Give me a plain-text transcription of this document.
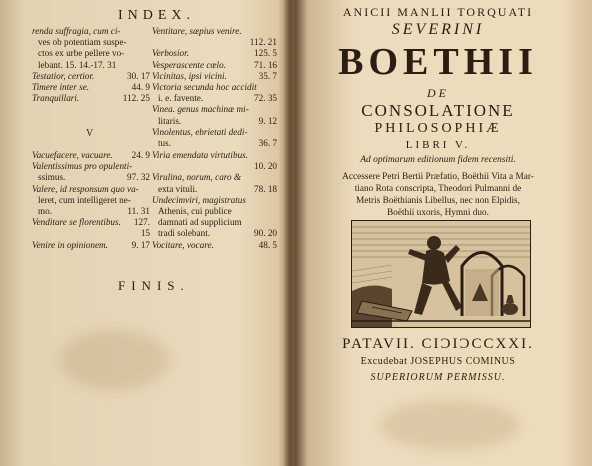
INDEX.
renda suffragia, cum ci-
ves ob potentiam suspe-
ctos ex urbe pellere vo-
lebant. 15. 14.-17. 31
Testatior, certior.	30. 17
Timere inter se.	44. 9
Tranquillari.	112. 25
Ventitare, sæpius venire.
112. 21
Verbosior.	125. 5
Vesperascente cœlo.	71. 16
Vicinitas, ipsi vicini.	35. 7
Victoria secunda hoc accidit
i. e. favente.	72. 35
Vinea. genus machinæ mi-
litaris.	9. 12
Vinolentus, ebrietati dedi-
tus.	36. 7
V
Vacuefacere, vacuare. 24. 9
Valentissimus pro opulenti-
ssimus.	97. 32
Valere, id responsum quo va-
leret, cum intelligeret ne-
mo.	11. 31
Venditare se florentibus. 127.
15
Venire in opinionem.	9. 17
Viria emendata virtutibus.
10. 20
Virulina, norum, caro &
exta vituli.	78. 18
Undecimviri, magistratus
Athenis, cui publice
damnati ad supplicium
tradi solebant.	90. 20
Vocitare, vocare.	48. 5
FINIS.
ANICII MANLII TORQUATI
SEVERINI
BOETHII
DE
CONSOLATIONE
PHILOSOPHIÆ
LIBRI V.
Ad optimarum editionum fidem recensiti.
Accessere Petri Bertii Præfatio, Boëthii Vita a Mar-
tiano Rota conscripta, Theodori Pulmanni de
Metris Boëthianis Libellus, nec non Elpidis,
Boëthii uxoris, Hymni duo.
PATAVII. CIƆIƆCCXXI.
Excudebat JOSEPHUS COMINUS
SUPERIORUM PERMISSU.
